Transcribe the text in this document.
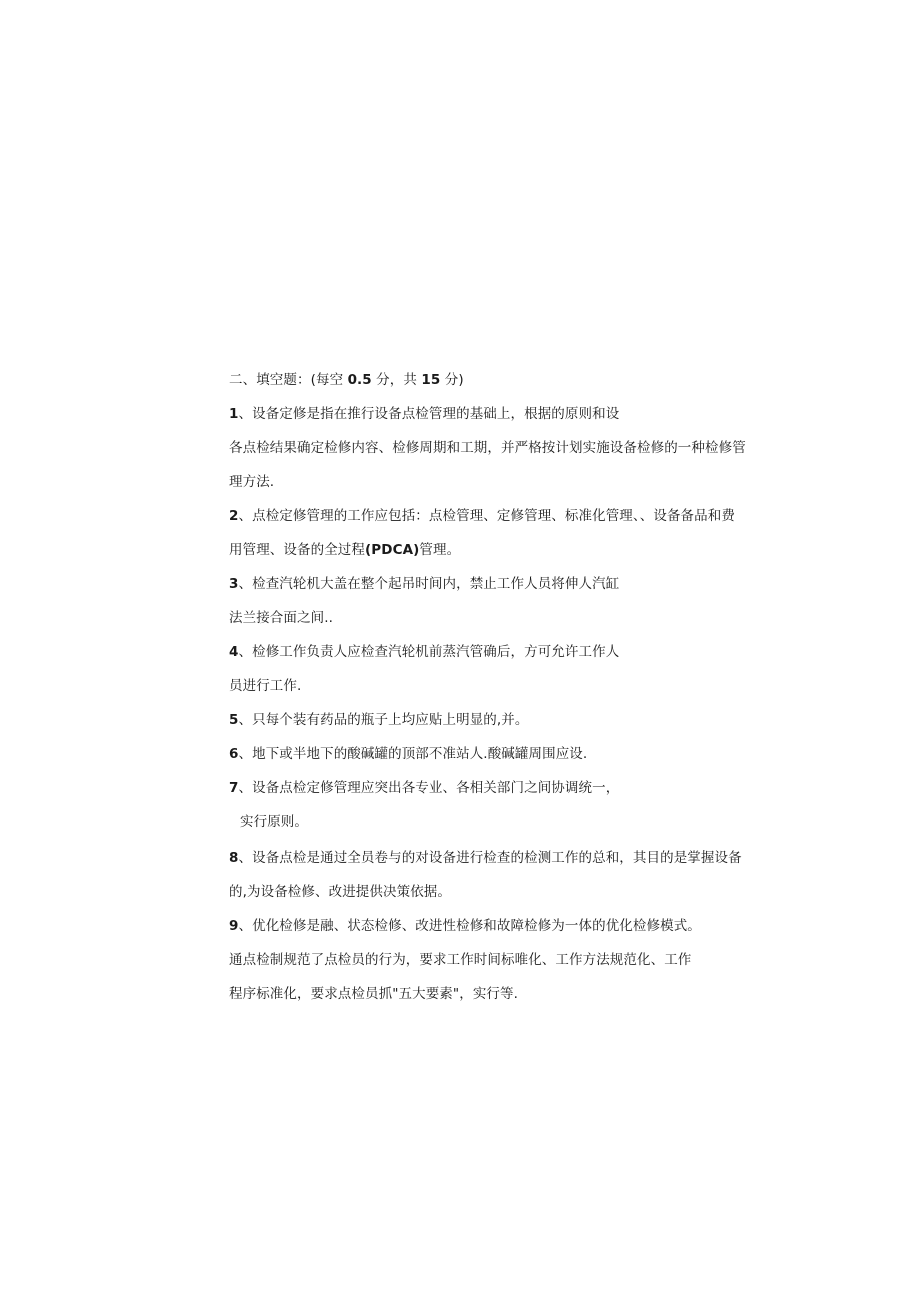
二、填空题：(每空 0.5 分，共 15 分)
1、设备定修是指在推行设备点检管理的基础上，根据的原则和设
各点检结果确定检修内容、检修周期和工期，并严格按计划实施设备检修的一种检修管
理方法.
2、点检定修管理的工作应包括：点检管理、定修管理、标准化管理、、设备备品和费
用管理、设备的全过程(PDCA)管理。
3、检查汽轮机大盖在整个起吊时间内，禁止工作人员将伸人汽缸
法兰接合面之间..
4、检修工作负责人应检查汽轮机前蒸汽管确后，方可允许工作人
员进行工作.
5、只每个装有药品的瓶子上均应贴上明显的,并。
6、地下或半地下的酸碱罐的顶部不准站人.酸碱罐周围应设.
7、设备点检定修管理应突出各专业、各相关部门之间协调统一，
实行原则。
8、设备点检是通过全员卷与的对设备进行检查的检测工作的总和，其目的是掌握设备
的,为设备检修、改进提供决策依据。
9、优化检修是融、状态检修、改进性检修和故障检修为一体的优化检修模式。
通点检制规范了点检员的行为，要求工作时间标唯化、工作方法规范化、工作
程序标准化，要求点检员抓"五大要素"，实行等.
